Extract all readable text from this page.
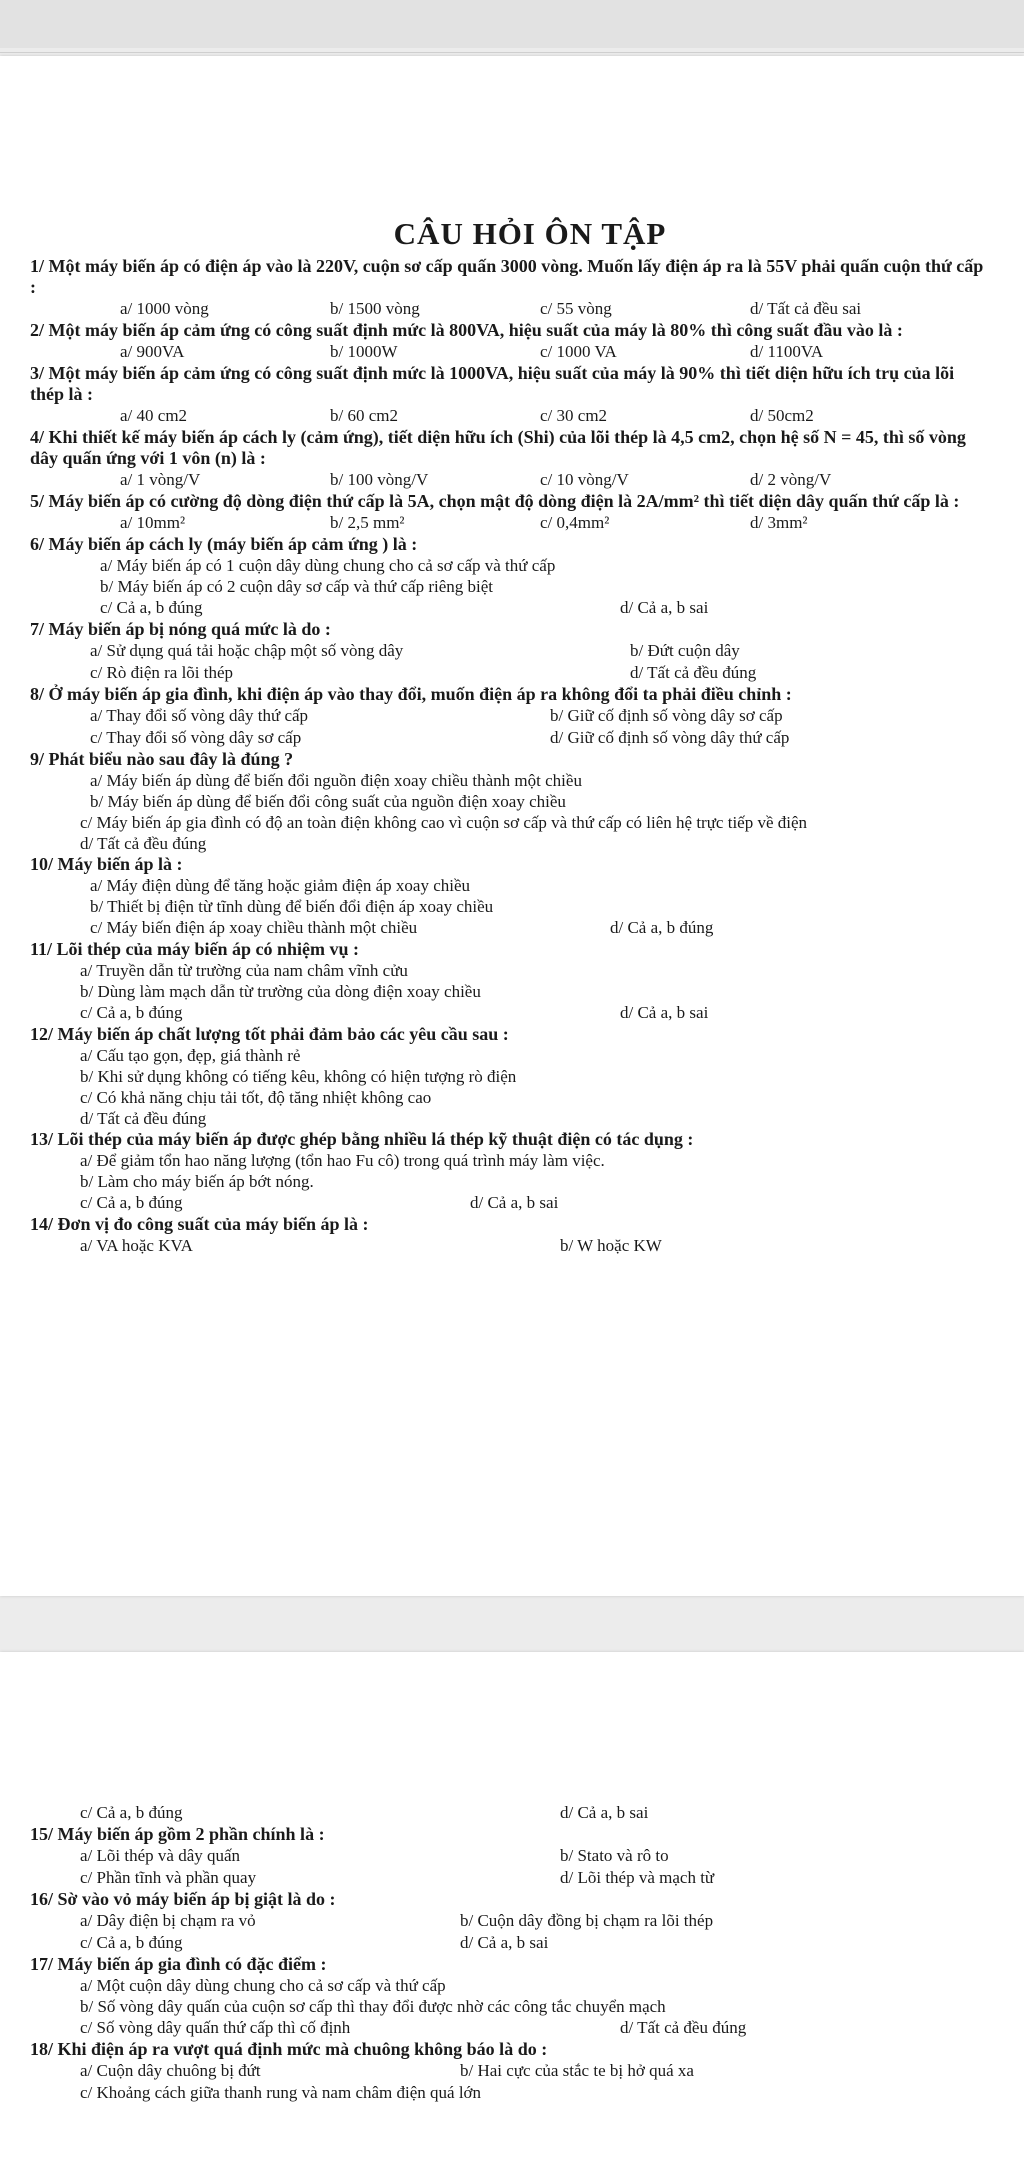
CÂU HỎI ÔN TẬP
1/ Một máy biến áp có điện áp vào là 220V, cuộn sơ cấp quấn 3000 vòng. Muốn lấy điện áp ra là 55V phải quấn cuộn thứ cấp :
a/ 1000 vòng	b/ 1500 vòng	c/ 55 vòng	d/ Tất cả đều sai
2/ Một máy biến áp cảm ứng có công suất định mức là 800VA, hiệu suất của máy là 80% thì công suất đầu vào là :
a/ 900VA	b/ 1000W	c/ 1000 VA	d/ 1100VA
3/ Một máy biến áp cảm ứng có công suất định mức là 1000VA, hiệu suất của máy là 90% thì tiết diện hữu ích trụ của lõi thép là :
a/ 40 cm2	b/ 60 cm2	c/ 30 cm2	d/ 50cm2
4/ Khi thiết kế máy biến áp cách ly (cảm ứng), tiết diện hữu ích (Shi) của lõi thép là 4,5 cm2, chọn hệ số N = 45, thì số vòng dây quấn ứng với 1 vôn (n) là :
a/ 1 vòng/V	b/ 100 vòng/V	c/ 10 vòng/V	d/ 2 vòng/V
5/ Máy biến áp có cường độ dòng điện thứ cấp là 5A, chọn mật độ dòng điện là 2A/mm² thì tiết diện dây quấn thứ cấp là :
a/ 10mm²	b/ 2,5 mm²	c/ 0,4mm²	d/ 3mm²
6/ Máy biến áp cách ly (máy biến áp cảm ứng ) là :
a/ Máy biến áp có 1 cuộn dây dùng chung cho cả sơ cấp và thứ cấp
b/ Máy biến áp có 2 cuộn dây sơ cấp và thứ cấp riêng biệt
c/ Cả a, b đúng	d/ Cả a, b sai
7/ Máy biến áp bị nóng quá mức là do :
a/ Sử dụng quá tải hoặc chập một số vòng dây	b/ Đứt cuộn dây
c/ Rò điện ra lõi thép	d/ Tất cả đều đúng
8/ Ở máy biến áp gia đình, khi điện áp vào thay đổi, muốn điện áp ra không đổi ta phải điều chỉnh :
a/ Thay đổi số vòng dây thứ cấp	b/ Giữ cố định số vòng dây sơ cấp
c/ Thay đổi số vòng dây sơ cấp	d/ Giữ cố định số vòng dây thứ cấp
9/ Phát biểu nào sau đây là đúng ?
a/ Máy biến áp dùng để biến đổi nguồn điện xoay chiều thành một chiều
b/ Máy biến áp dùng để biến đổi công suất của nguồn điện xoay chiều
c/ Máy biến áp gia đình có độ an toàn điện không cao vì cuộn sơ cấp và thứ cấp có liên hệ trực tiếp về điện
d/ Tất cả đều đúng
10/ Máy biến áp là :
a/ Máy điện dùng để tăng hoặc giảm điện áp xoay chiều
b/ Thiết bị điện từ tĩnh dùng để biến đổi điện áp xoay chiều
c/ Máy biến điện áp xoay chiều thành một chiều	d/ Cả a, b đúng
11/ Lõi thép của máy biến áp có nhiệm vụ :
a/ Truyền dẫn từ trường của nam châm vĩnh cửu
b/ Dùng làm mạch dẫn từ trường của dòng điện xoay chiều
c/ Cả a, b đúng	d/ Cả a, b sai
12/ Máy biến áp chất lượng tốt phải đảm bảo các yêu cầu sau :
a/ Cấu tạo gọn, đẹp, giá thành rẻ
b/ Khi sử dụng không có tiếng kêu, không có hiện tượng rò điện
c/ Có khả năng chịu tải tốt, độ tăng nhiệt không cao
d/ Tất cả đều đúng
13/ Lõi thép của máy biến áp được ghép bằng nhiều lá thép kỹ thuật điện có tác dụng :
a/ Để giảm tổn hao năng lượng (tổn hao Fu cô) trong quá trình máy làm việc.
b/ Làm cho máy biến áp bớt nóng.
c/ Cả a, b đúng	d/ Cả a, b sai
14/ Đơn vị đo công suất của máy biến áp là :
a/ VA hoặc KVA	b/ W hoặc KW
c/ Cả a, b đúng	d/ Cả a, b sai
15/ Máy biến áp gồm 2 phần chính là :
a/ Lõi thép và dây quấn	b/ Stato và rô to
c/ Phần tĩnh và phần quay	d/ Lõi thép và mạch từ
16/ Sờ vào vỏ máy biến áp bị giật là do :
a/ Dây điện bị chạm ra vỏ	b/ Cuộn dây đồng bị chạm ra lõi thép
c/ Cả a, b đúng	d/ Cả a, b sai
17/ Máy biến áp gia đình có đặc điểm :
a/ Một cuộn dây dùng chung cho cả sơ cấp và thứ cấp
b/ Số vòng dây quấn của cuộn sơ cấp thì thay đổi được nhờ các công tắc chuyển mạch
c/ Số vòng dây quấn thứ cấp thì cố định	d/ Tất cả đều đúng
18/ Khi điện áp ra vượt quá định mức mà chuông không báo là do :
a/ Cuộn dây chuông bị đứt	b/ Hai cực của stắc te bị hở quá xa
c/ Khoảng cách giữa thanh rung và nam châm điện quá lớn
